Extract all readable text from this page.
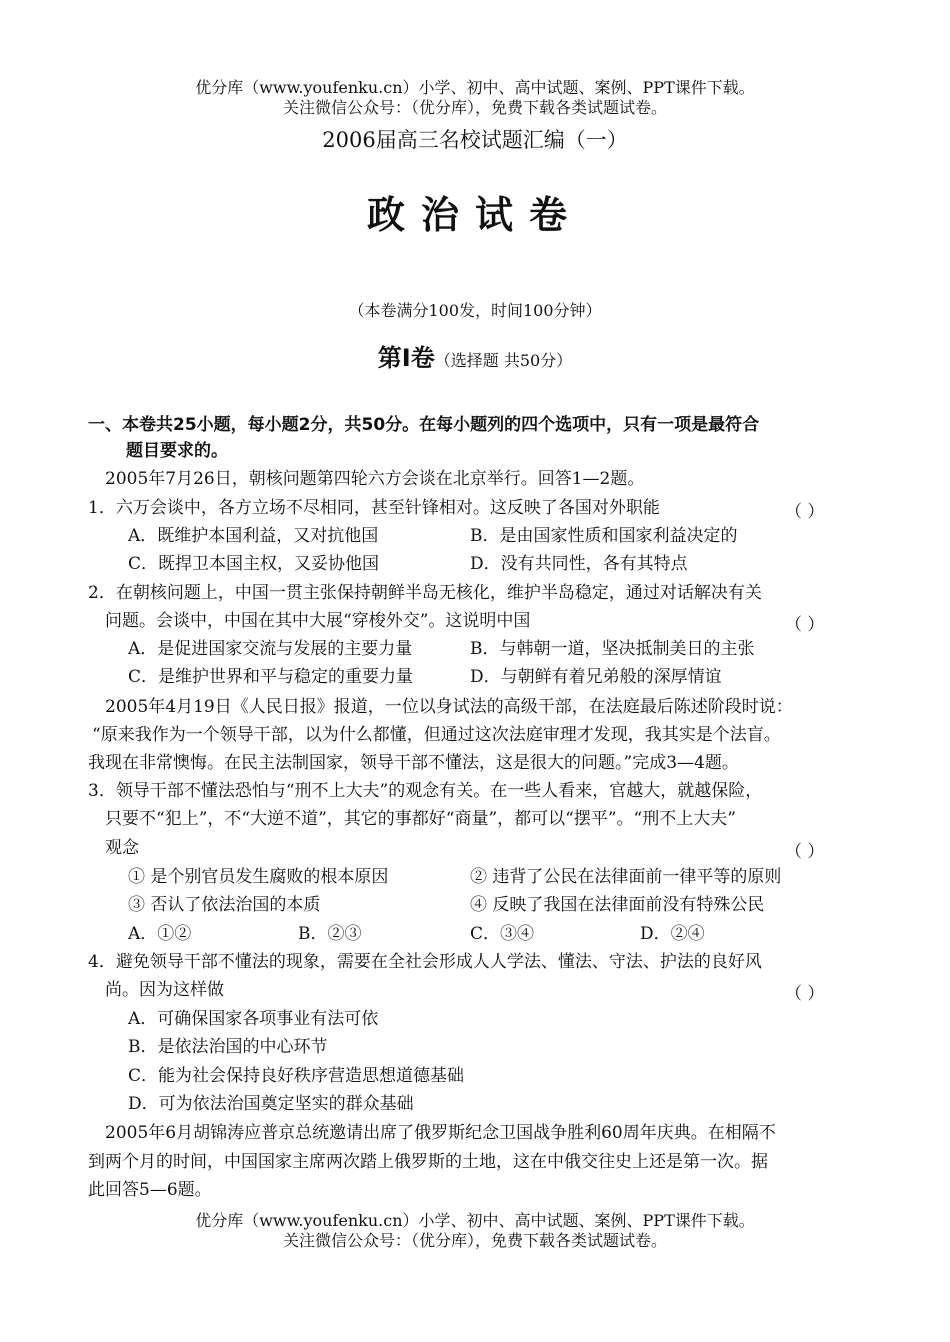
优分库（www.youfenku.cn）小学、初中、高中试题、案例、PPT课件下载。
关注微信公众号：（优分库），免费下载各类试题试卷。
2006届高三名校试题汇编（一）
政治试卷
（本卷满分100发，时间100分钟）
第Ⅰ卷（选择题 共50分）
一、本卷共25小题，每小题2分，共50分。在每小题列的四个选项中，只有一项是最符合
题目要求的。
2005年7月26日，朝核问题第四轮六方会谈在北京举行。回答1—2题。
1．六万会谈中，各方立场不尽相同，甚至针锋相对。这反映了各国对外职能	（ ）
A．既维护本国利益，又对抗他国	B．是由国家性质和国家利益决定的
C．既捍卫本国主权，又妥协他国	D．没有共同性，各有其特点
2．在朝核问题上，中国一贯主张保持朝鲜半岛无核化，维护半岛稳定，通过对话解决有关
问题。会谈中，中国在其中大展“穿梭外交”。这说明中国	（ ）
A．是促进国家交流与发展的主要力量	B．与韩朝一道，坚决抵制美日的主张
C．是维护世界和平与稳定的重要力量	D．与朝鲜有着兄弟般的深厚情谊
2005年4月19日《人民日报》报道，一位以身试法的高级干部，在法庭最后陈述阶段时说：
“原来我作为一个领导干部，以为什么都懂，但通过这次法庭审理才发现，我其实是个法盲。
我现在非常懊悔。在民主法制国家，领导干部不懂法，这是很大的问题。”完成3—4题。
3．领导干部不懂法恐怕与“刑不上大夫”的观念有关。在一些人看来，官越大，就越保险，
只要不“犯上”，不“大逆不道”，其它的事都好“商量”，都可以“摆平”。“刑不上大夫”
观念	（ ）
① 是个别官员发生腐败的根本原因	② 违背了公民在法律面前一律平等的原则
③ 否认了依法治国的本质	④ 反映了我国在法律面前没有特殊公民
A．①②	B．②③	C．③④	D．②④
4．避免领导干部不懂法的现象，需要在全社会形成人人学法、懂法、守法、护法的良好风
尚。因为这样做	（ ）
A．可确保国家各项事业有法可依
B．是依法治国的中心环节
C．能为社会保持良好秩序营造思想道德基础
D．可为依法治国奠定坚实的群众基础
2005年6月胡锦涛应普京总统邀请出席了俄罗斯纪念卫国战争胜利60周年庆典。在相隔不
到两个月的时间，中国国家主席两次踏上俄罗斯的土地，这在中俄交往史上还是第一次。据
此回答5—6题。
优分库（www.youfenku.cn）小学、初中、高中试题、案例、PPT课件下载。
关注微信公众号：（优分库），免费下载各类试题试卷。
